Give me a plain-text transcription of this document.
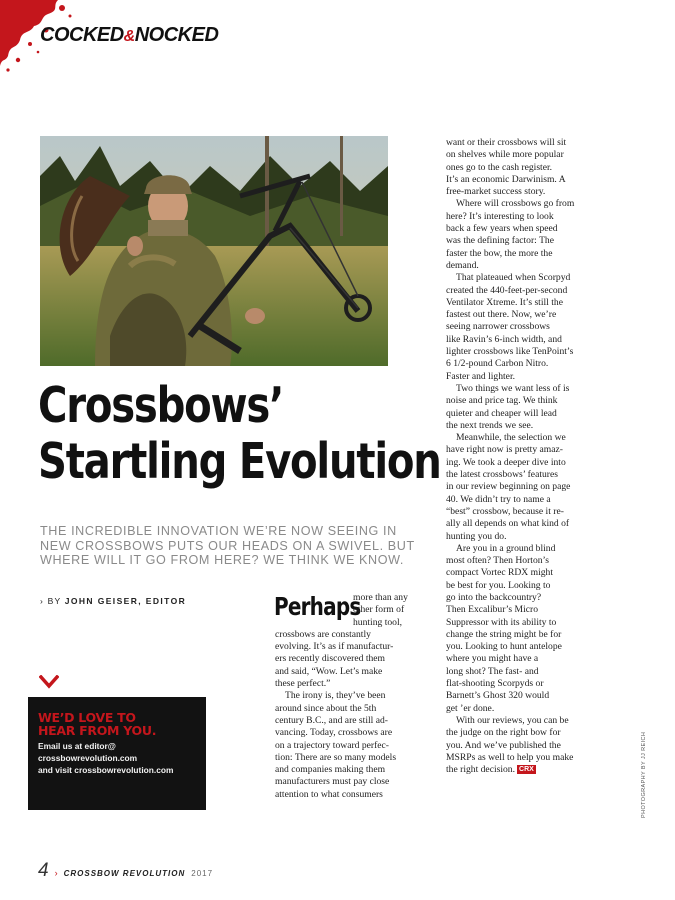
COCKED&NOCKED
Crossbows’
Startling Evolution
THE INCREDIBLE INNOVATION WE’RE NOW SEEING IN NEW CROSSBOWS PUTS OUR HEADS ON A SWIVEL. BUT WHERE WILL IT GO FROM HERE? WE THINK WE KNOW.
› BY JOHN GEISER, EDITOR
WE’D LOVE TO
HEAR FROM YOU.
Email us at editor@
crossbowrevolution.com
and visit crossbowrevolution.com
Perhaps
more than any
other form of
hunting tool,
crossbows are constantly
evolving. It’s as if manufactur-
ers recently discovered them
and said, “Wow. Let’s make
these perfect.”
The irony is, they’ve been
around since about the 5th
century B.C., and are still ad-
vancing. Today, crossbows are
on a trajectory toward perfec-
tion: There are so many models
and companies making them
manufacturers must pay close
attention to what consumers
want or their crossbows will sit
on shelves while more popular
ones go to the cash register.
It’s an economic Darwinism. A
free-market success story.
Where will crossbows go from
here? It’s interesting to look
back a few years when speed
was the defining factor: The
faster the bow, the more the
demand.
That plateaued when Scorpyd
created the 440-feet-per-second
Ventilator Xtreme. It’s still the
fastest out there. Now, we’re
seeing narrower crossbows
like Ravin’s 6-inch width, and
lighter crossbows like TenPoint’s
6 1/2-pound Carbon Nitro.
Faster and lighter.
Two things we want less of is
noise and price tag. We think
quieter and cheaper will lead
the next trends we see.
Meanwhile, the selection we
have right now is pretty amaz-
ing. We took a deeper dive into
the latest crossbows’ features
in our review beginning on page
40. We didn’t try to name a
“best” crossbow, because it re-
ally all depends on what kind of
hunting you do.
Are you in a ground blind
most often? Then Horton’s
compact Vortec RDX might
be best for you. Looking to
go into the backcountry?
Then Excalibur’s Micro
Suppressor with its ability to
change the string might be for
you. Looking to hunt antelope
where you might have a
long shot? The fast- and
flat-shooting Scorpyds or
Barnett’s Ghost 320 would
get ’er done.
With our reviews, you can be
the judge on the right bow for
you. And we’ve published the
MSRPs as well to help you make
the right decision. CRX	PHOTOGRAPHY BY JJ REICH
4 › CROSSBOW REVOLUTION 2017
